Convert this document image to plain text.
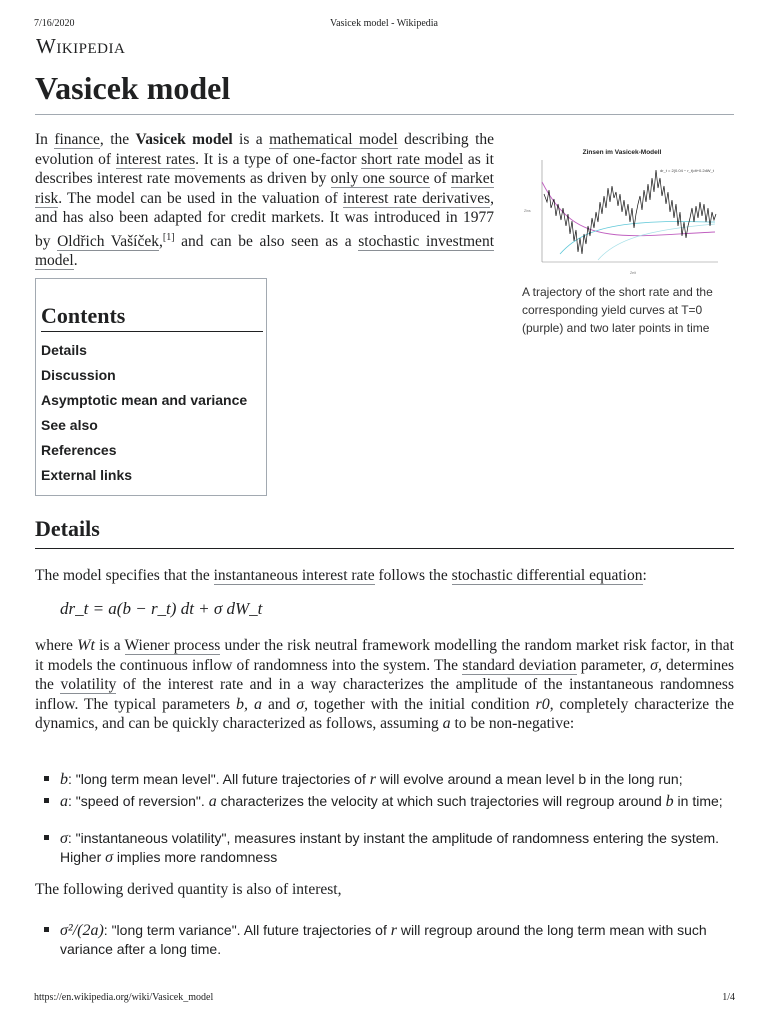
7/16/2020	Vasicek model - Wikipedia
Wikipedia
Vasicek model

In finance, the Vasicek model is a mathematical model describing the evolution of interest rates. It is a type of one-factor short rate model as it describes interest rate movements as driven by only one source of market risk. The model can be used in the valuation of interest rate derivatives, and has also been adapted for credit markets. It was introduced in 1977 by Oldřich Vašíček,[1] and can be also seen as a stochastic investment model.

Zinsen im Vasicek-Modell
dr_t = 2(0.04 − r_t)dt+0.2dW_t
Zins
Zeit

A trajectory of the short rate and the corresponding yield curves at T=0 (purple) and two later points in time

Contents
Details
Discussion
Asymptotic mean and variance
See also
References
External links
Details

The model specifies that the instantaneous interest rate follows the stochastic differential equation:

dr_t = a(b − r_t) dt + σ dW_t

where Wt is a Wiener process under the risk neutral framework modelling the random market risk factor, in that it models the continuous inflow of randomness into the system. The standard deviation parameter, σ, determines the volatility of the interest rate and in a way characterizes the amplitude of the instantaneous randomness inflow. The typical parameters b, a and σ, together with the initial condition r0, completely characterize the dynamics, and can be quickly characterized as follows, assuming a to be non-negative:

b: "long term mean level". All future trajectories of r will evolve around a mean level b in the long run;
a: "speed of reversion". a characterizes the velocity at which such trajectories will regroup around b in time;
σ: "instantaneous volatility", measures instant by instant the amplitude of randomness entering the system. Higher σ implies more randomness

The following derived quantity is also of interest,

σ²/(2a): "long term variance". All future trajectories of r will regroup around the long term mean with such variance after a long time.
https://en.wikipedia.org/wiki/Vasicek_model	1/4
